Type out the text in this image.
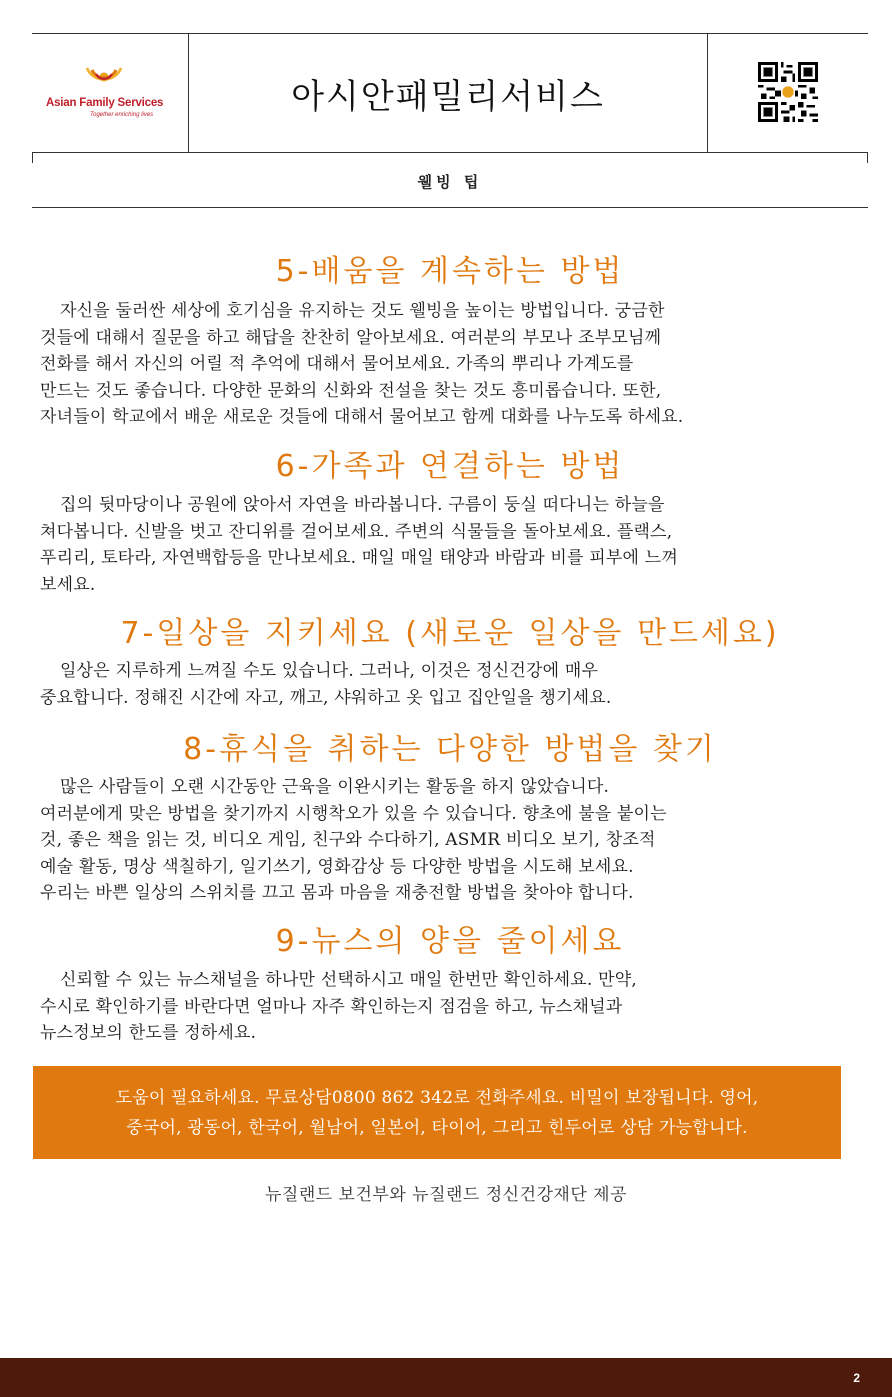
Asian Family Services
Together enriching lives	아시안패밀리서비스
웰빙 팁
5-배움을 계속하는 방법
자신을 둘러싼 세상에 호기심을 유지하는 것도 웰빙을 높이는 방법입니다. 궁금한
것들에 대해서 질문을 하고 해답을 찬찬히 알아보세요. 여러분의 부모나 조부모님께
전화를 해서 자신의 어릴 적 추억에 대해서 물어보세요. 가족의 뿌리나 가계도를
만드는 것도 좋습니다. 다양한 문화의 신화와 전설을 찾는 것도 흥미롭습니다. 또한,
자녀들이 학교에서 배운 새로운 것들에 대해서 물어보고 함께 대화를 나누도록 하세요.
6-가족과 연결하는 방법
집의 뒷마당이나 공원에 앉아서 자연을 바라봅니다. 구름이 둥실 떠다니는 하늘을
쳐다봅니다. 신발을 벗고 잔디위를 걸어보세요. 주변의 식물들을 돌아보세요. 플랙스,
푸리리, 토타라, 자연백합등을 만나보세요. 매일 매일 태양과 바람과 비를 피부에 느껴
보세요.
7-일상을 지키세요 (새로운 일상을 만드세요)
일상은 지루하게 느껴질 수도 있습니다. 그러나, 이것은 정신건강에 매우
중요합니다. 정해진 시간에 자고, 깨고, 샤워하고 옷 입고 집안일을 챙기세요.
8-휴식을 취하는 다양한 방법을 찾기
많은 사람들이 오랜 시간동안 근육을 이완시키는 활동을 하지 않았습니다.
여러분에게 맞은 방법을 찾기까지 시행착오가 있을 수 있습니다. 향초에 불을 붙이는
것, 좋은 책을 읽는 것, 비디오 게임, 친구와 수다하기, ASMR 비디오 보기, 창조적
예술 활동, 명상 색칠하기, 일기쓰기, 영화감상 등 다양한 방법을 시도해 보세요.
우리는 바쁜 일상의 스위치를 끄고 몸과 마음을 재충전할 방법을 찾아야 합니다.
9-뉴스의 양을 줄이세요
신뢰할 수 있는 뉴스채널을 하나만 선택하시고 매일 한번만 확인하세요. 만약,
수시로 확인하기를 바란다면 얼마나 자주 확인하는지 점검을 하고, 뉴스채널과
뉴스정보의 한도를 정하세요.
도움이 필요하세요. 무료상담0800 862 342로 전화주세요. 비밀이 보장됩니다. 영어,
중국어, 광동어, 한국어, 월남어, 일본어, 타이어, 그리고 힌두어로 상담 가능합니다.
뉴질랜드 보건부와 뉴질랜드 정신건강재단 제공
2
